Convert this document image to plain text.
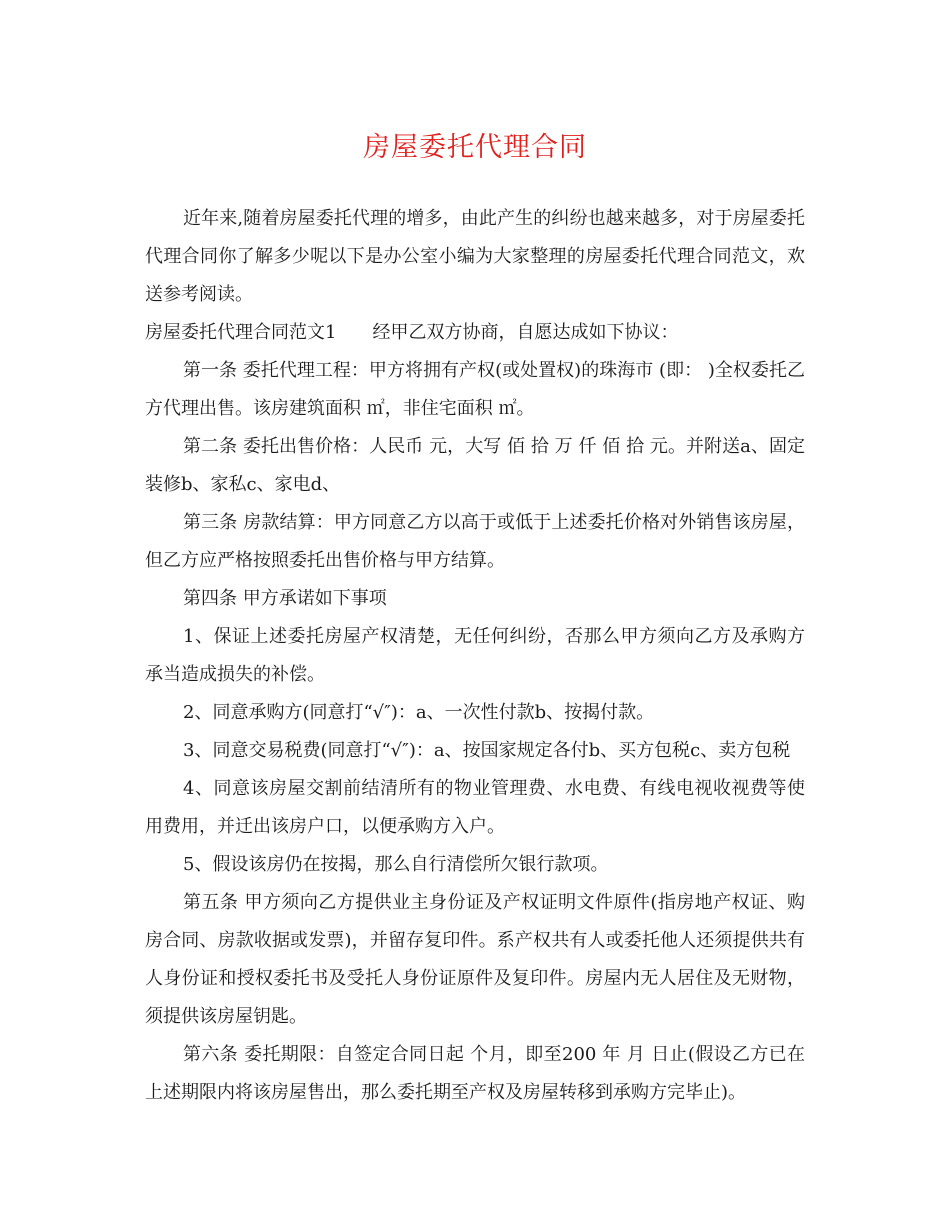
房屋委托代理合同

近年来,随着房屋委托代理的增多，由此产生的纠纷也越来越多，对于房屋委托代理合同你了解多少呢以下是办公室小编为大家整理的房屋委托代理合同范文，欢送参考阅读。

房屋委托代理合同范文1 经甲乙双方协商，自愿达成如下协议：

第一条 委托代理工程：甲方将拥有产权(或处置权)的珠海市 (即： )全权委托乙方代理出售。该房建筑面积 ㎡，非住宅面积 ㎡。

第二条 委托出售价格：人民币 元，大写 佰 拾 万 仟 佰 拾 元。并附送a、固定装修b、家私c、家电d、

第三条 房款结算：甲方同意乙方以高于或低于上述委托价格对外销售该房屋，但乙方应严格按照委托出售价格与甲方结算。

第四条 甲方承诺如下事项

1、保证上述委托房屋产权清楚，无任何纠纷，否那么甲方须向乙方及承购方承当造成损失的补偿。

2、同意承购方(同意打“√″)：a、一次性付款b、按揭付款。

3、同意交易税费(同意打“√″)：a、按国家规定各付b、买方包税c、卖方包税

4、同意该房屋交割前结清所有的物业管理费、水电费、有线电视收视费等使用费用，并迁出该房户口，以便承购方入户。

5、假设该房仍在按揭，那么自行清偿所欠银行款项。

第五条 甲方须向乙方提供业主身份证及产权证明文件原件(指房地产权证、购房合同、房款收据或发票)，并留存复印件。系产权共有人或委托他人还须提供共有人身份证和授权委托书及受托人身份证原件及复印件。房屋内无人居住及无财物，须提供该房屋钥匙。

第六条 委托期限：自签定合同日起 个月，即至200 年 月 日止(假设乙方已在上述期限内将该房屋售出，那么委托期至产权及房屋转移到承购方完毕止)。
